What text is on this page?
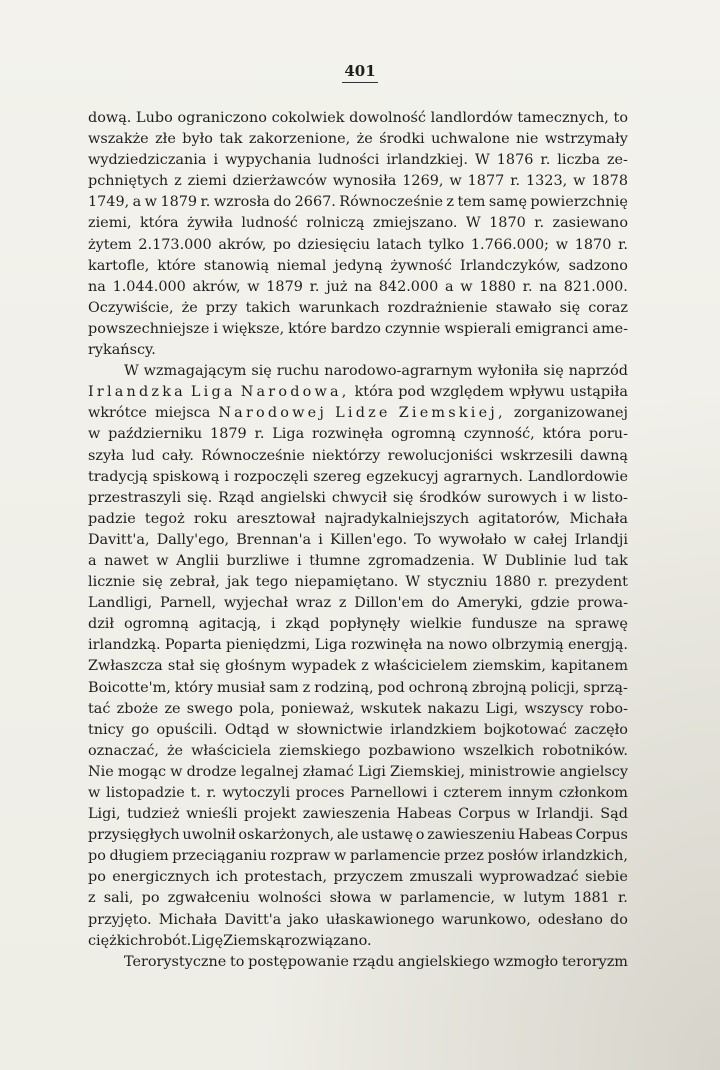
401
dową. Lubo ograniczono cokolwiek dowolność landlordów tamecznych, to
wszakże złe było tak zakorzenione, że środki uchwalone nie wstrzymały
wydziedziczania i wypychania ludności irlandzkiej. W 1876 r. liczba ze-
pchniętych z ziemi dzierżawców wynosiła 1269, w 1877 r. 1323, w 1878
1749, a w 1879 r. wzrosła do 2667. Równocześnie z tem samę powierzchnię
ziemi, która żywiła ludność rolniczą zmiejszano. W 1870 r. zasiewano
żytem 2.173.000 akrów, po dziesięciu latach tylko 1.766.000; w 1870 r.
kartofle, które stanowią niemal jedyną żywność Irlandczyków, sadzono
na 1.044.000 akrów, w 1879 r. już na 842.000 a w 1880 r. na 821.000.
Oczywiście, że przy takich warunkach rozdrażnienie stawało się coraz
powszechniejsze i większe, które bardzo czynnie wspierali emigranci ame-
rykańscy.
W wzmagającym się ruchu narodowo-agrarnym wyłoniła się naprzód
Irlandzka Liga Narodowa, która pod względem wpływu ustąpiła
wkrótce miejsca Narodowej Lidze Ziemskiej, zorganizowanej
w październiku 1879 r. Liga rozwinęła ogromną czynność, która poru-
szyła lud cały. Równocześnie niektórzy rewolucjoniści wskrzesili dawną
tradycją spiskową i rozpoczęli szereg egzekucyj agrarnych. Landlordowie
przestraszyli się. Rząd angielski chwycił się środków surowych i w listo-
padzie tegoż roku aresztował najradykalniejszych agitatorów, Michała
Davitt'a, Dally'ego, Brennan'a i Killen'ego. To wywołało w całej Irlandji
a nawet w Anglii burzliwe i tłumne zgromadzenia. W Dublinie lud tak
licznie się zebrał, jak tego niepamiętano. W styczniu 1880 r. prezydent
Landligi, Parnell, wyjechał wraz z Dillon'em do Ameryki, gdzie prowa-
dził ogromną agitacją, i zkąd popłynęły wielkie fundusze na sprawę
irlandzką. Poparta pieniędzmi, Liga rozwinęła na nowo olbrzymią energją.
Zwłaszcza stał się głośnym wypadek z właścicielem ziemskim, kapitanem
Boicotte'm, który musiał sam z rodziną, pod ochroną zbrojną policji, sprzą-
tać zboże ze swego pola, ponieważ, wskutek nakazu Ligi, wszyscy robo-
tnicy go opuścili. Odtąd w słownictwie irlandzkiem bojkotować zaczęło
oznaczać, że właściciela ziemskiego pozbawiono wszelkich robotników.
Nie mogąc w drodze legalnej złamać Ligi Ziemskiej, ministrowie angielscy
w listopadzie t. r. wytoczyli proces Parnellowi i czterem innym członkom
Ligi, tudzież wnieśli projekt zawieszenia Habeas Corpus w Irlandji. Sąd
przysięgłych uwolnił oskarżonych, ale ustawę o zawieszeniu Habeas Corpus
po długiem przeciąganiu rozpraw w parlamencie przez posłów irlandzkich,
po energicznych ich protestach, przyczem zmuszali wyprowadzać siebie
z sali, po zgwałceniu wolności słowa w parlamencie, w lutym 1881 r.
przyjęto. Michała Davitt'a jako ułaskawionego warunkowo, odesłano do
ciężkich robót. Ligę Ziemską rozwiązano.
Terorystyczne to postępowanie rządu angielskiego wzmogło teroryzm
